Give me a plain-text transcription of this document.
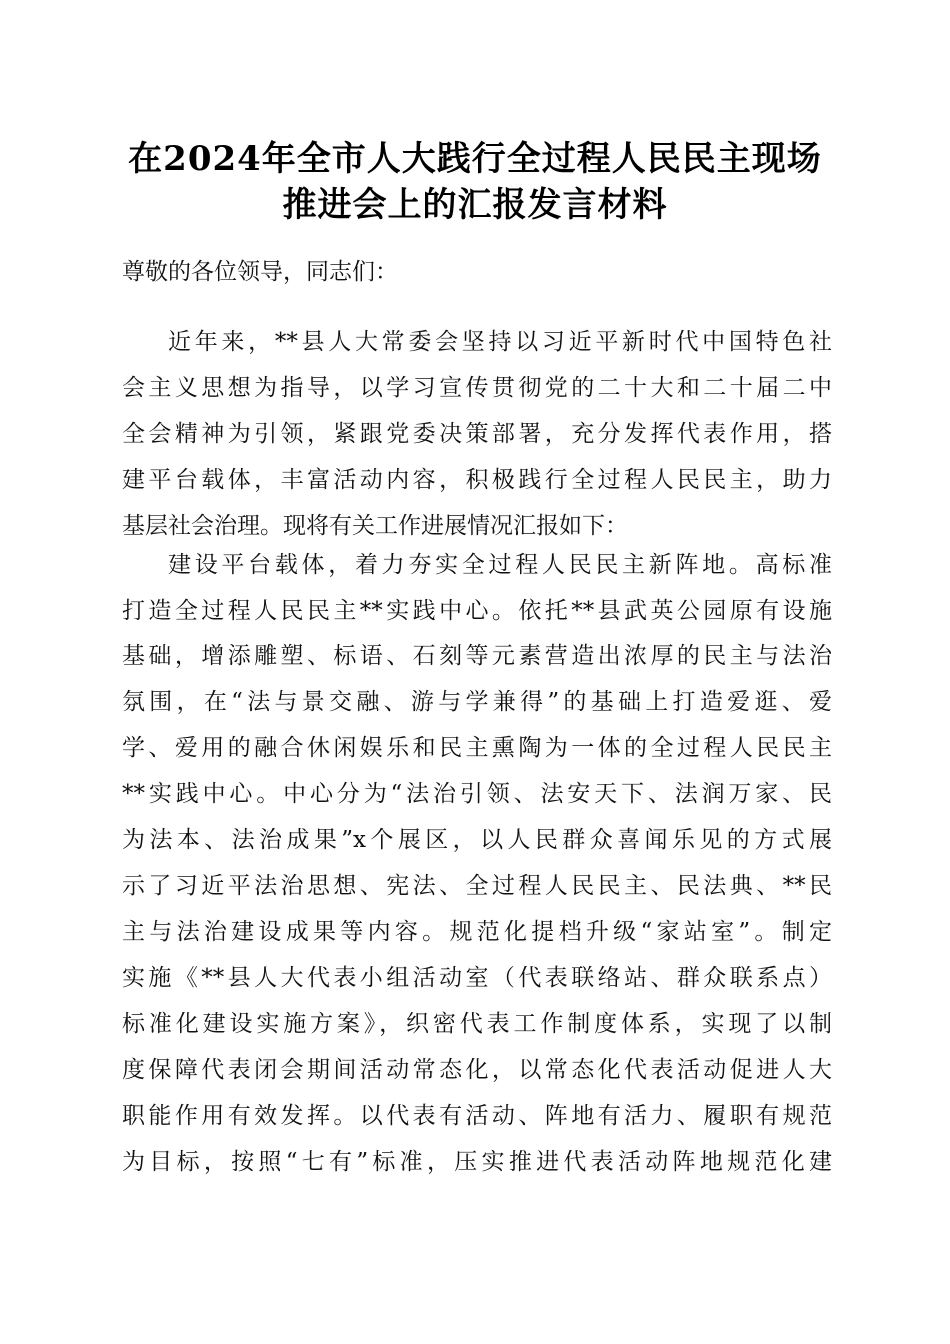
在2024年全市人大践行全过程人民民主现场
推进会上的汇报发言材料
尊敬的各位领导，同志们：
近年来，**县人大常委会坚持以习近平新时代中国特色社
会主义思想为指导，以学习宣传贯彻党的二十大和二十届二中
全会精神为引领，紧跟党委决策部署，充分发挥代表作用，搭
建平台载体，丰富活动内容，积极践行全过程人民民主，助力
基层社会治理。现将有关工作进展情况汇报如下：
建设平台载体，着力夯实全过程人民民主新阵地。高标准
打造全过程人民民主**实践中心。依托**县武英公园原有设施
基础，增添雕塑、标语、石刻等元素营造出浓厚的民主与法治
氛围，在“法与景交融、游与学兼得”的基础上打造爱逛、爱
学、爱用的融合休闲娱乐和民主熏陶为一体的全过程人民民主
**实践中心。中心分为“法治引领、法安天下、法润万家、民
为法本、法治成果”x个展区，以人民群众喜闻乐见的方式展
示了习近平法治思想、宪法、全过程人民民主、民法典、**民
主与法治建设成果等内容。规范化提档升级“家站室”。制定
实施《**县人大代表小组活动室（代表联络站、群众联系点）
标准化建设实施方案》，织密代表工作制度体系，实现了以制
度保障代表闭会期间活动常态化，以常态化代表活动促进人大
职能作用有效发挥。以代表有活动、阵地有活力、履职有规范
为目标，按照“七有”标准，压实推进代表活动阵地规范化建
